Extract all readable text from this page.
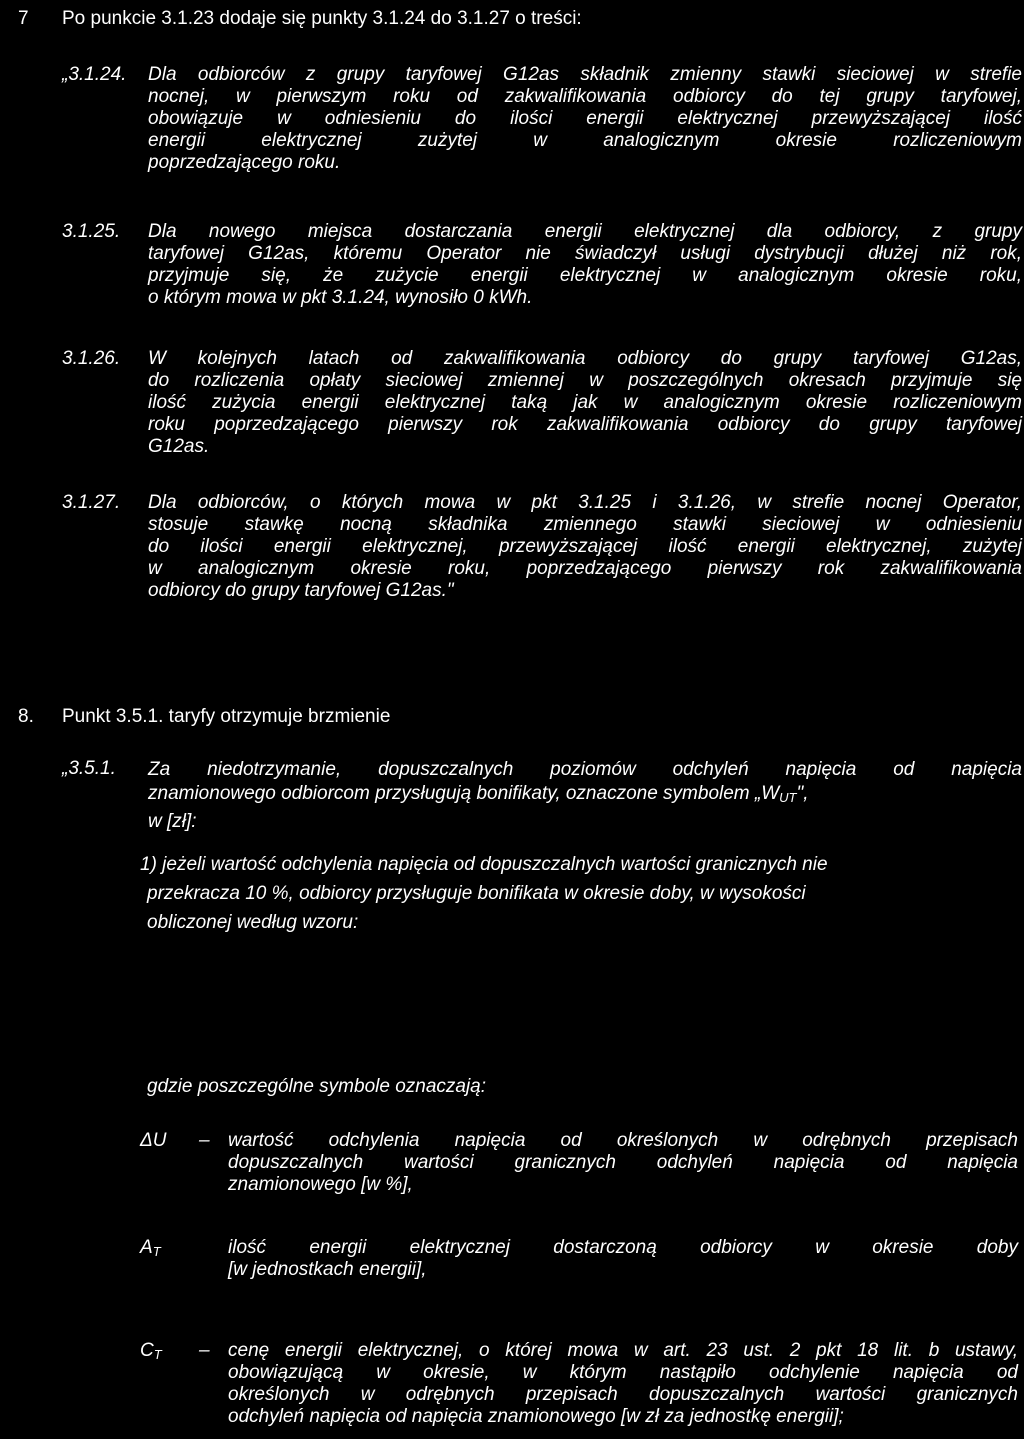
7 Po punkcie 3.1.23 dodaje się punkty 3.1.24 do 3.1.27 o treści:
„3.1.24.	Dla odbiorców z grupy taryfowej G12as składnik zmienny stawki sieciowej w strefie
nocnej, w pierwszym roku od zakwalifikowania odbiorcy do tej grupy taryfowej,
obowiązuje w odniesieniu do ilości energii elektrycznej przewyższającej ilość
energii elektrycznej zużytej w analogicznym okresie rozliczeniowym
poprzedzającego roku.
3.1.25.	Dla nowego miejsca dostarczania energii elektrycznej dla odbiorcy, z grupy
taryfowej G12as, któremu Operator nie świadczył usługi dystrybucji dłużej niż rok,
przyjmuje się, że zużycie energii elektrycznej w analogicznym okresie roku,
o którym mowa w pkt 3.1.24, wynosiło 0 kWh.
3.1.26.	W kolejnych latach od zakwalifikowania odbiorcy do grupy taryfowej G12as,
do rozliczenia opłaty sieciowej zmiennej w poszczególnych okresach przyjmuje się
ilość zużycia energii elektrycznej taką jak w analogicznym okresie rozliczeniowym
roku poprzedzającego pierwszy rok zakwalifikowania odbiorcy do grupy taryfowej
G12as.
3.1.27.	Dla odbiorców, o których mowa w pkt 3.1.25 i 3.1.26, w strefie nocnej Operator,
stosuje stawkę nocną składnika zmiennego stawki sieciowej w odniesieniu
do ilości energii elektrycznej, przewyższającej ilość energii elektrycznej, zużytej
w analogicznym okresie roku, poprzedzającego pierwszy rok zakwalifikowania
odbiorcy do grupy taryfowej G12as."
8. Punkt 3.5.1. taryfy otrzymuje brzmienie
„3.5.1.	Za niedotrzymanie, dopuszczalnych poziomów odchyleń napięcia od napięcia
znamionowego odbiorcom przysługują bonifikaty, oznaczone symbolem $„W_{UT}$",
w [zł]:
1) jeżeli wartość odchylenia napięcia od dopuszczalnych wartości granicznych nie
przekracza 10 %, odbiorcy przysługuje bonifikata w okresie doby, w wysokości
obliczonej według wzoru:
gdzie poszczególne symbole oznaczają:
ΔU – wartość odchylenia napięcia od określonych w odrębnych przepisach
dopuszczalnych wartości granicznych odchyleń napięcia od napięcia
znamionowego [w %],
$A_T$	ilość energii elektrycznej dostarczoną odbiorcy w okresie doby
[w jednostkach energii],
$C_T$ – cenę energii elektrycznej, o której mowa w art. 23 ust. 2 pkt 18 lit. b ustawy,
obowiązującą w okresie, w którym nastąpiło odchylenie napięcia od
określonych w odrębnych przepisach dopuszczalnych wartości granicznych
odchyleń napięcia od napięcia znamionowego [w zł za jednostkę energii];
